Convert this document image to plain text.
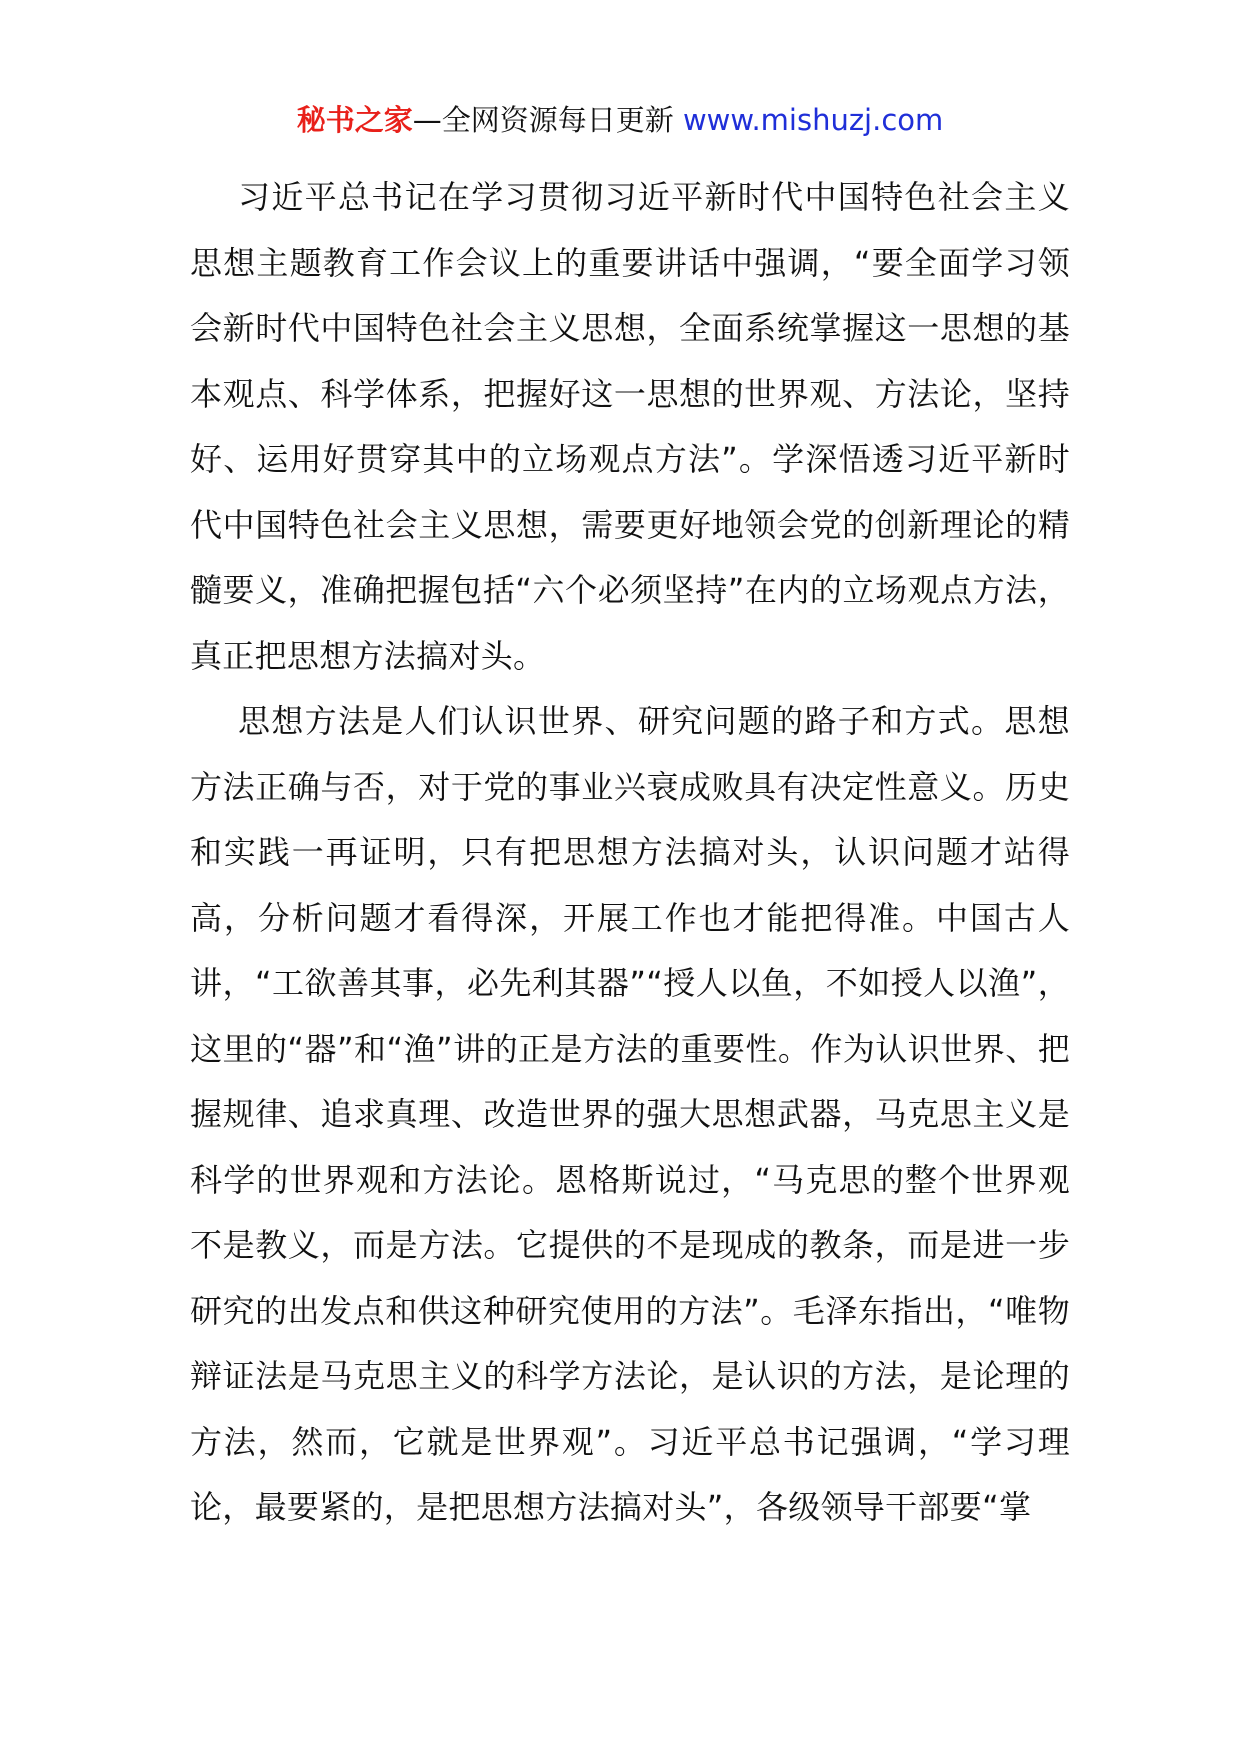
秘书之家—全网资源每日更新 www.mishuzj.com

习近平总书记在学习贯彻习近平新时代中国特色社会主义思想主题教育工作会议上的重要讲话中强调，“要全面学习领会新时代中国特色社会主义思想，全面系统掌握这一思想的基本观点、科学体系，把握好这一思想的世界观、方法论，坚持好、运用好贯穿其中的立场观点方法”。学深悟透习近平新时代中国特色社会主义思想，需要更好地领会党的创新理论的精髓要义，准确把握包括“六个必须坚持”在内的立场观点方法，真正把思想方法搞对头。

思想方法是人们认识世界、研究问题的路子和方式。思想方法正确与否，对于党的事业兴衰成败具有决定性意义。历史和实践一再证明，只有把思想方法搞对头，认识问题才站得高，分析问题才看得深，开展工作也才能把得准。中国古人讲，“工欲善其事，必先利其器”“授人以鱼，不如授人以渔”，这里的“器”和“渔”讲的正是方法的重要性。作为认识世界、把握规律、追求真理、改造世界的强大思想武器，马克思主义是科学的世界观和方法论。恩格斯说过，“马克思的整个世界观不是教义，而是方法。它提供的不是现成的教条，而是进一步研究的出发点和供这种研究使用的方法”。毛泽东指出，“唯物辩证法是马克思主义的科学方法论，是认识的方法，是论理的方法，然而，它就是世界观”。习近平总书记强调，“学习理论，最要紧的，是把思想方法搞对头”，各级领导干部要“掌
